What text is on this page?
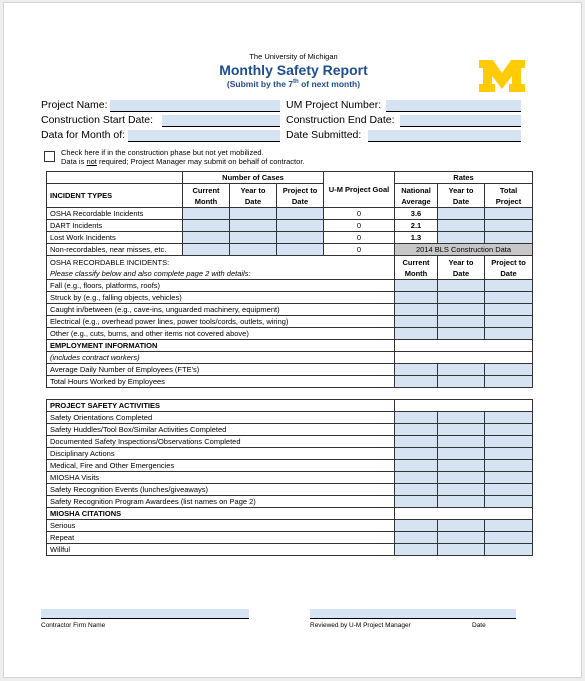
The University of Michigan
Monthly Safety Report
(Submit by the 7th of next month)
Project Name:
Construction Start Date:
Data for Month of:
UM Project Number:
Construction End Date:
Date Submitted:
Check here if in the construction phase but not yet mobilized.
Data is not required; Project Manager may submit on behalf of contractor.
	Number of Cases			U-M Project Goal	Rates		
INCIDENT TYPES	Current Month	Year to Date	Project to Date		National Average	Year to Date	Total Project
OSHA Recordable Incidents				0	3.6		
DART Incidents				0	2.1		
Lost Work Incidents				0	1.3		
Non-recordables, near misses, etc.				0	2014 BLS Construction Data		

OSHA RECORDABLE INCIDENTS:
Please classify below and also complete page 2 with details:					Current Month	Year to Date	Project to Date
Fall (e.g., floors, platforms, roofs)							
Struck by (e.g., falling objects, vehicles)							
Caught in/between (e.g., cave-ins, unguarded machinery, equipment)							
Electrical (e.g., overhead power lines, power tools/cords, outlets, wiring)							
Other (e.g., cuts, burns, and other items not covered above)							
EMPLOYMENT INFORMATION							
(includes contract workers)							
Average Daily Number of Employees (FTE's)							
Total Hours Worked by Employees							

PROJECT SAFETY ACTIVITIES							
Safety Orientations Completed							
Safety Huddles/Tool Box/Similar Activities Completed							
Documented Safety Inspections/Observations Completed							
Disciplinary Actions							
Medical, Fire and Other Emergencies							
MIOSHA Visits							
Safety Recognition Events (lunches/giveaways)							
Safety Recognition Program Awardees (list names on Page 2)							
MIOSHA CITATIONS							
Serious							
Repeat							
Willful							
Contractor Firm Name	Reviewed by U-M Project Manager	Date
